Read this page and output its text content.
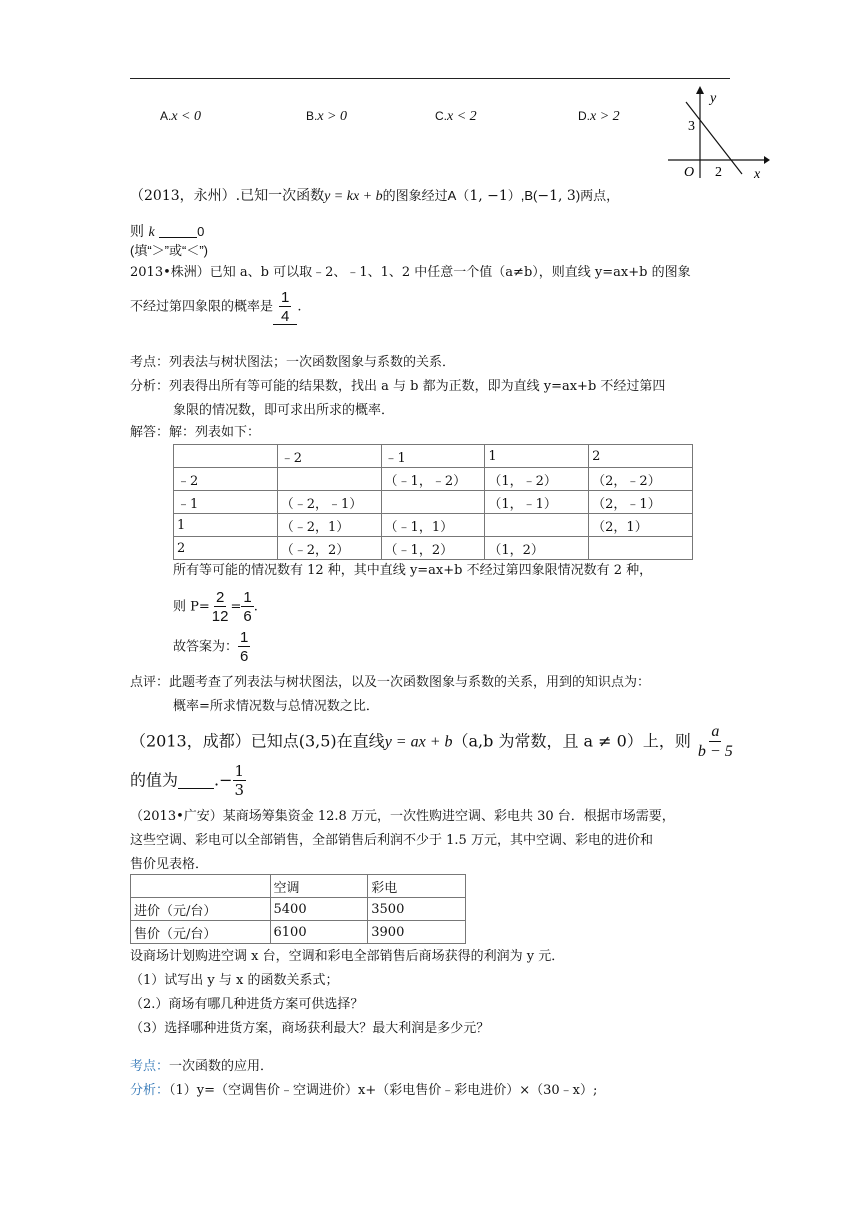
A.x < 0	B.x > 0	C.x < 2	D.x > 2
y
x
O
3
2
（2013，永州）.已知一次函数y = kx + b的图象经过A（1, −1）,B(−1, 3)两点，
则 k	0
(填“＞”或“＜”)
2013•株洲）已知 a、b 可以取﹣2、﹣1、1、2 中任意一个值（a≠b），则直线 y=ax+b 的图象
不经过第四象限的概率是 $\frac{1}{4}$ .
考点：列表法与树状图法；一次函数图象与系数的关系．
分析：列表得出所有等可能的结果数，找出 a 与 b 都为正数，即为直线 y=ax+b 不经过第四
象限的情况数，即可求出所求的概率．
解答：解：列表如下：
	﹣2	﹣1	1	2
﹣2		（﹣1，﹣2）	（1，﹣2）	（2，﹣2）
﹣1	（﹣2，﹣1）		（1，﹣1）	（2，﹣1）
1	（﹣2，1）	（﹣1，1）		（2，1）
2	（﹣2，2）	（﹣1，2）	（1，2）	
所有等可能的情况数有 12 种，其中直线 y=ax+b 不经过第四象限情况数有 2 种，
则 $P= \frac{2}{12} = \frac{1}{6}$ .
故答案为： $\frac{1}{6}$
点评：此题考查了列表法与树状图法，以及一次函数图象与系数的关系，用到的知识点为：
概率=所求情况数与总情况数之比．
（2013，成都）已知点(3,5)在直线y = ax + b（a,b 为常数，且 a ≠ 0）上，则 $\frac{a}{b - 5}$
的值为 .− $\frac{1}{3}$
（2013•广安）某商场筹集资金 12.8 万元，一次性购进空调、彩电共 30 台．根据市场需要，
这些空调、彩电可以全部销售，全部销售后利润不少于 1.5 万元，其中空调、彩电的进价和
售价见表格．
	空调	彩电
进价（元/台）	5400	3500
售价（元/台）	6100	3900
设商场计划购进空调 x 台，空调和彩电全部销售后商场获得的利润为 y 元．
（1）试写出 y 与 x 的函数关系式；
（2.）商场有哪几种进货方案可供选择？
（3）选择哪种进货方案，商场获利最大？最大利润是多少元？
考点：一次函数的应用．
分析：（1）y=（空调售价﹣空调进价）x+（彩电售价﹣彩电进价）×（30﹣x）;
